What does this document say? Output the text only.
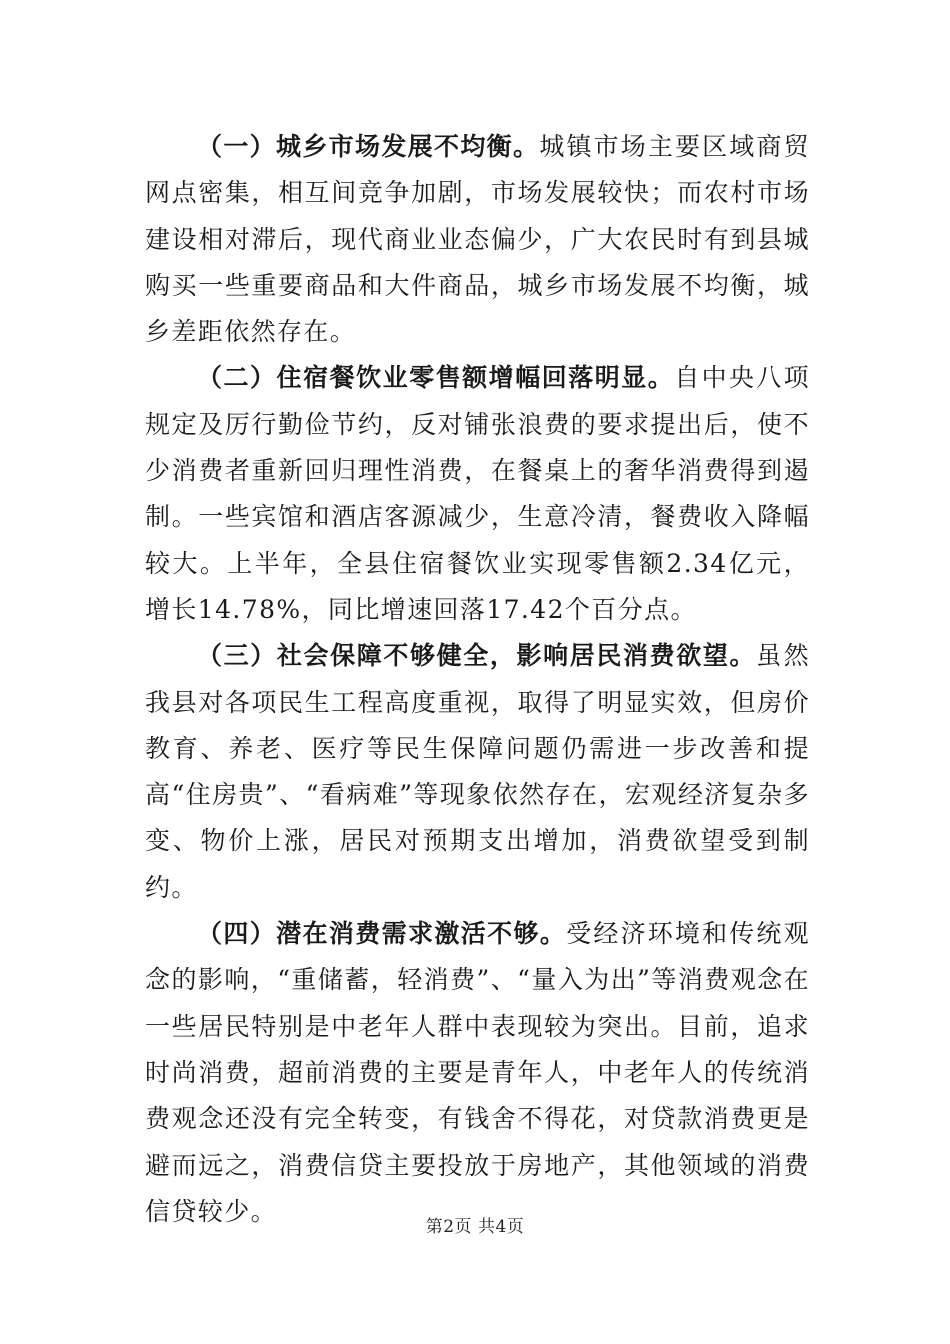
（一）城乡市场发展不均衡。城镇市场主要区域商贸网点密集，相互间竞争加剧，市场发展较快；而农村市场建设相对滞后，现代商业业态偏少，广大农民时有到县城购买一些重要商品和大件商品，城乡市场发展不均衡，城乡差距依然存在。

（二）住宿餐饮业零售额增幅回落明显。自中央八项规定及厉行勤俭节约，反对铺张浪费的要求提出后，使不少消费者重新回归理性消费，在餐桌上的奢华消费得到遏制。一些宾馆和酒店客源减少，生意冷清，餐费收入降幅较大。上半年，全县住宿餐饮业实现零售额2.34亿元，增长14.78%，同比增速回落17.42个百分点。

（三）社会保障不够健全，影响居民消费欲望。虽然我县对各项民生工程高度重视，取得了明显实效，但房价教育、养老、医疗等民生保障问题仍需进一步改善和提高“住房贵”、“看病难”等现象依然存在，宏观经济复杂多变、物价上涨，居民对预期支出增加，消费欲望受到制约。

（四）潜在消费需求激活不够。受经济环境和传统观念的影响，“重储蓄，轻消费”、“量入为出”等消费观念在一些居民特别是中老年人群中表现较为突出。目前，追求时尚消费，超前消费的主要是青年人，中老年人的传统消费观念还没有完全转变，有钱舍不得花，对贷款消费更是避而远之，消费信贷主要投放于房地产，其他领域的消费信贷较少。

第2页 共4页
